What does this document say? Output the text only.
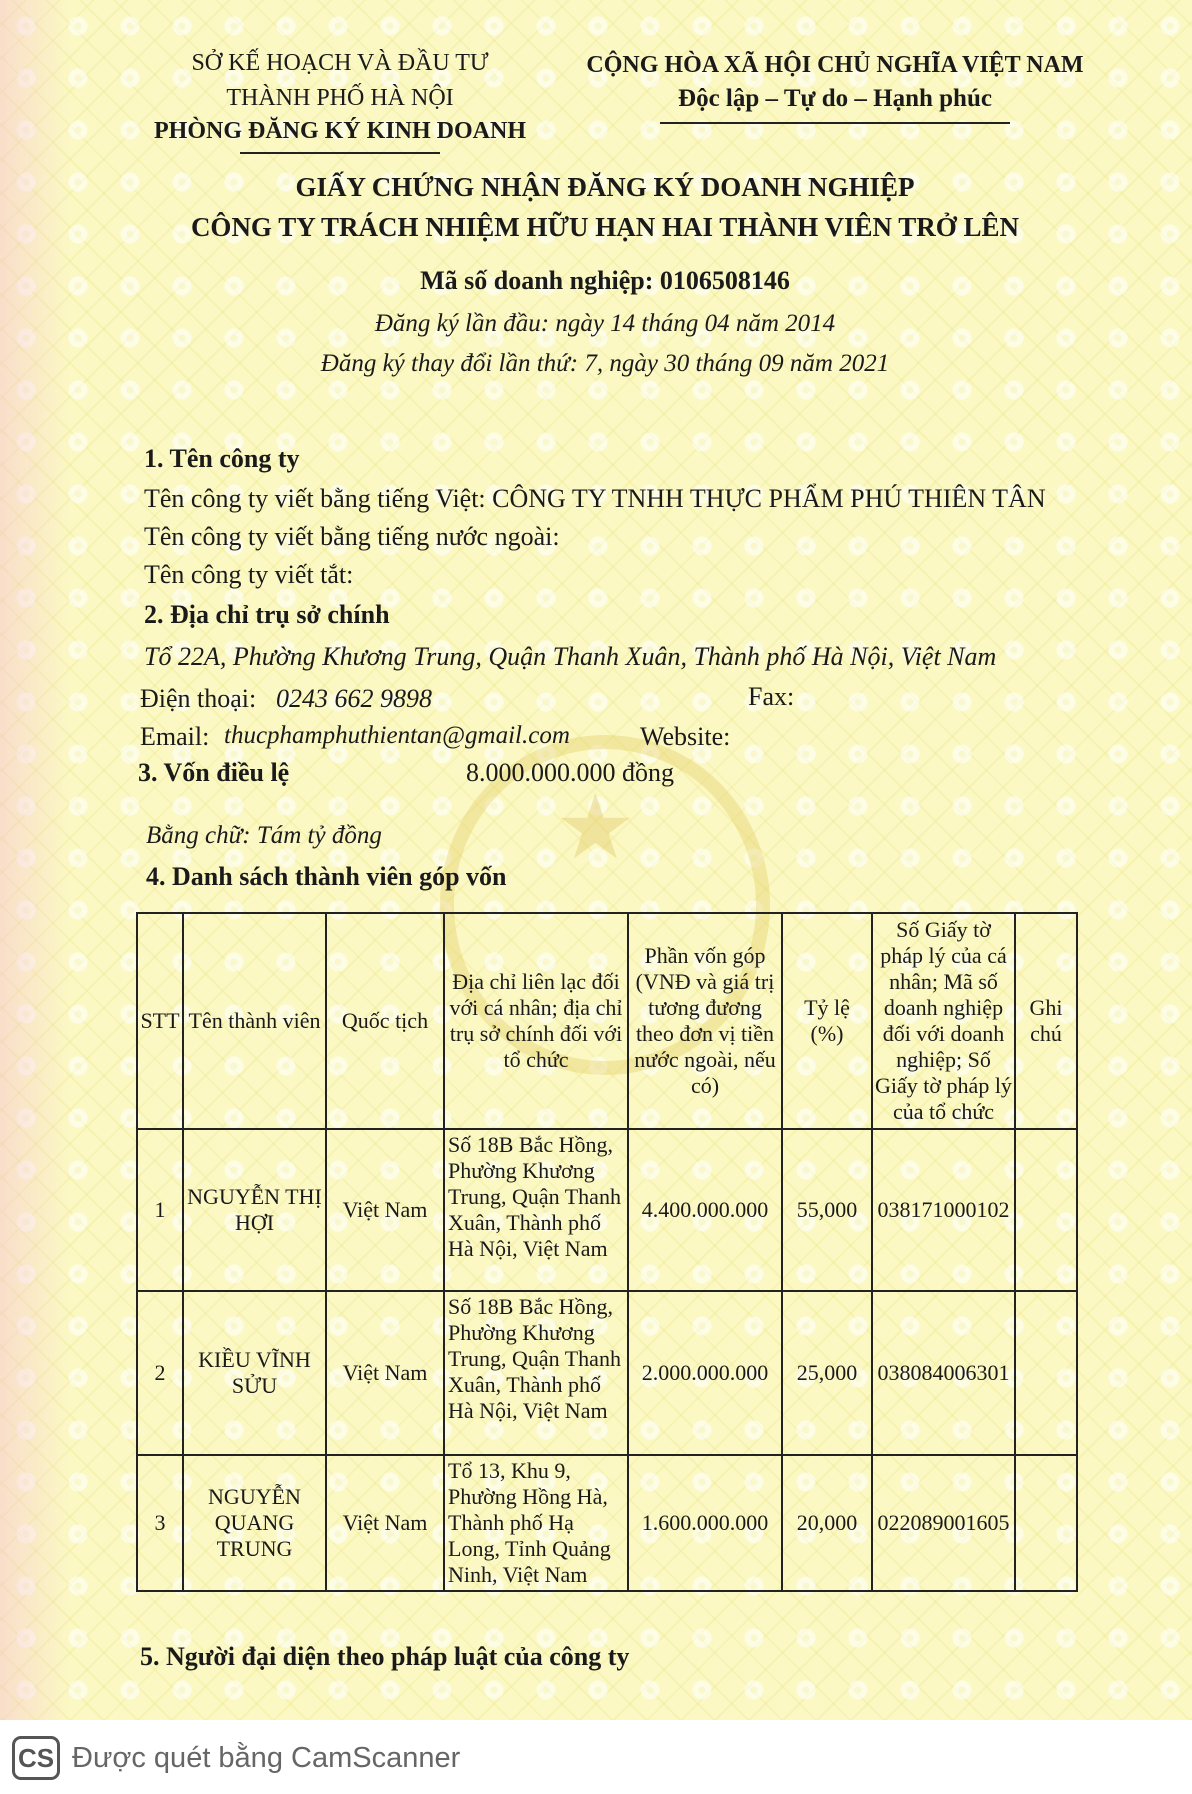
★
SỞ KẾ HOẠCH VÀ ĐẦU TƯ
THÀNH PHỐ HÀ NỘI
PHÒNG ĐĂNG KÝ KINH DOANH
CỘNG HÒA XÃ HỘI CHỦ NGHĨA VIỆT NAM
Độc lập – Tự do – Hạnh phúc
GIẤY CHỨNG NHẬN ĐĂNG KÝ DOANH NGHIỆP
CÔNG TY TRÁCH NHIỆM HỮU HẠN HAI THÀNH VIÊN TRỞ LÊN
Mã số doanh nghiệp: 0106508146
Đăng ký lần đầu: ngày 14 tháng 04 năm 2014
Đăng ký thay đổi lần thứ: 7, ngày 30 tháng 09 năm 2021
1. Tên công ty
Tên công ty viết bằng tiếng Việt: CÔNG TY TNHH THỰC PHẨM PHÚ THIÊN TÂN
Tên công ty viết bằng tiếng nước ngoài:
Tên công ty viết tắt:
2. Địa chỉ trụ sở chính
Tổ 22A, Phường Khương Trung, Quận Thanh Xuân, Thành phố Hà Nội, Việt Nam
Điện thoại: 0243 662 9898	Fax:
Email: thucphamphuthientan@gmail.com	Website:
3. Vốn điều lệ	8.000.000.000 đồng
Bằng chữ: Tám tỷ đồng
4. Danh sách thành viên góp vốn
STT	Tên thành viên	Quốc tịch	Địa chỉ liên lạc đối với cá nhân; địa chỉ trụ sở chính đối với tổ chức	Phần vốn góp (VNĐ và giá trị tương đương theo đơn vị tiền nước ngoài, nếu có)	Tỷ lệ (%)	Số Giấy tờ pháp lý của cá nhân; Mã số doanh nghiệp đối với doanh nghiệp; Số Giấy tờ pháp lý của tổ chức	Ghi chú
1	NGUYỄN THỊ HỢI	Việt Nam	Số 18B Bắc Hồng, Phường Khương Trung, Quận Thanh Xuân, Thành phố Hà Nội, Việt Nam	4.400.000.000	55,000	038171000102	
2	KIỀU VĨNH SỬU	Việt Nam	Số 18B Bắc Hồng, Phường Khương Trung, Quận Thanh Xuân, Thành phố Hà Nội, Việt Nam	2.000.000.000	25,000	038084006301	
3	NGUYỄN QUANG TRUNG	Việt Nam	Tổ 13, Khu 9, Phường Hồng Hà, Thành phố Hạ Long, Tỉnh Quảng Ninh, Việt Nam	1.600.000.000	20,000	022089001605	
5. Người đại diện theo pháp luật của công ty
CS Được quét bằng CamScanner
